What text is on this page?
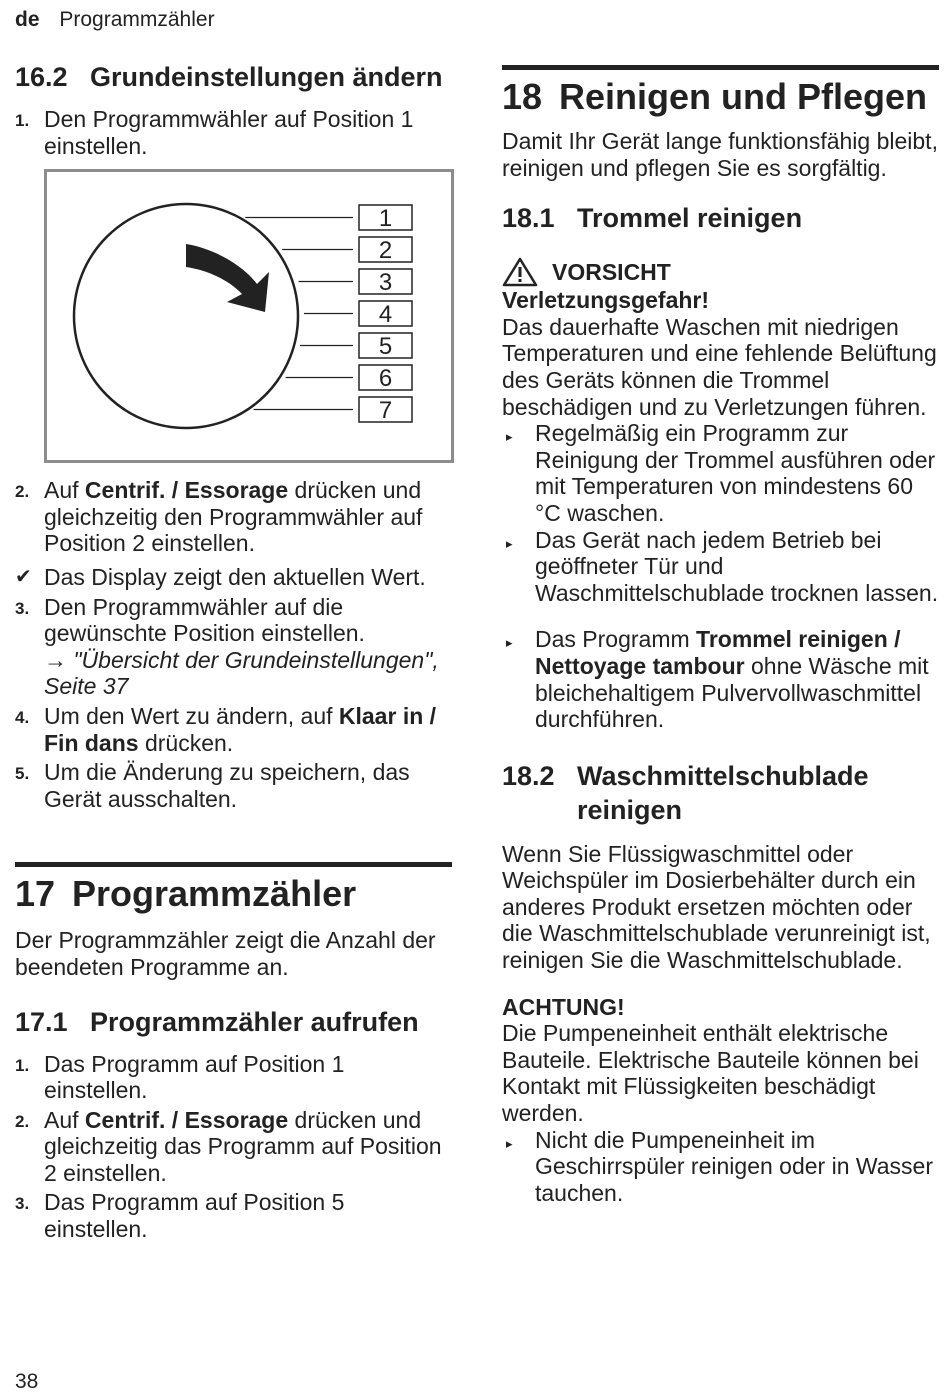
de Programmzähler
16.2 Grundeinstellungen ändern
1. Den Programmwähler auf Position 1 einstellen.
1
2
3
4
5
6
7
2. Auf Centrif. / Essorage drücken und gleichzeitig den Programmwähler auf Position 2 einstellen.
✔ Das Display zeigt den aktuellen Wert.
3. Den Programmwähler auf die gewünschte Position einstellen.
→ "Übersicht der Grundeinstellungen", Seite 37
4. Um den Wert zu ändern, auf Klaar in / Fin dans drücken.
5. Um die Änderung zu speichern, das Gerät ausschalten.
17 Programmzähler

Der Programmzähler zeigt die Anzahl der beendeten Programme an.

17.1 Programmzähler aufrufen
1. Das Programm auf Position 1 einstellen.
2. Auf Centrif. / Essorage drücken und gleichzeitig das Programm auf Position 2 einstellen.
3. Das Programm auf Position 5 einstellen.
18 Reinigen und Pflegen

Damit Ihr Gerät lange funktionsfähig bleibt, reinigen und pflegen Sie es sorgfältig.

18.1 Trommel reinigen
VORSICHT
Verletzungsgefahr!

Das dauerhafte Waschen mit niedrigen Temperaturen und eine fehlende Belüftung des Geräts können die Trommel beschädigen und zu Verletzungen führen.

▸ Regelmäßig ein Programm zur Reinigung der Trommel ausführen oder mit Temperaturen von mindestens 60 °C waschen.
▸ Das Gerät nach jedem Betrieb bei geöffneter Tür und Waschmittelschublade trocknen lassen.
▸ Das Programm Trommel reinigen / Nettoyage tambour ohne Wäsche mit bleichehaltigem Pulvervollwaschmittel durchführen.
18.2 Waschmittelschublade reinigen

Wenn Sie Flüssigwaschmittel oder Weichspüler im Dosierbehälter durch ein anderes Produkt ersetzen möchten oder die Waschmittelschublade verunreinigt ist, reinigen Sie die Waschmittelschublade.

ACHTUNG!

Die Pumpeneinheit enthält elektrische Bauteile. Elektrische Bauteile können bei Kontakt mit Flüssigkeiten beschädigt werden.

▸ Nicht die Pumpeneinheit im Geschirrspüler reinigen oder in Wasser tauchen.
38
